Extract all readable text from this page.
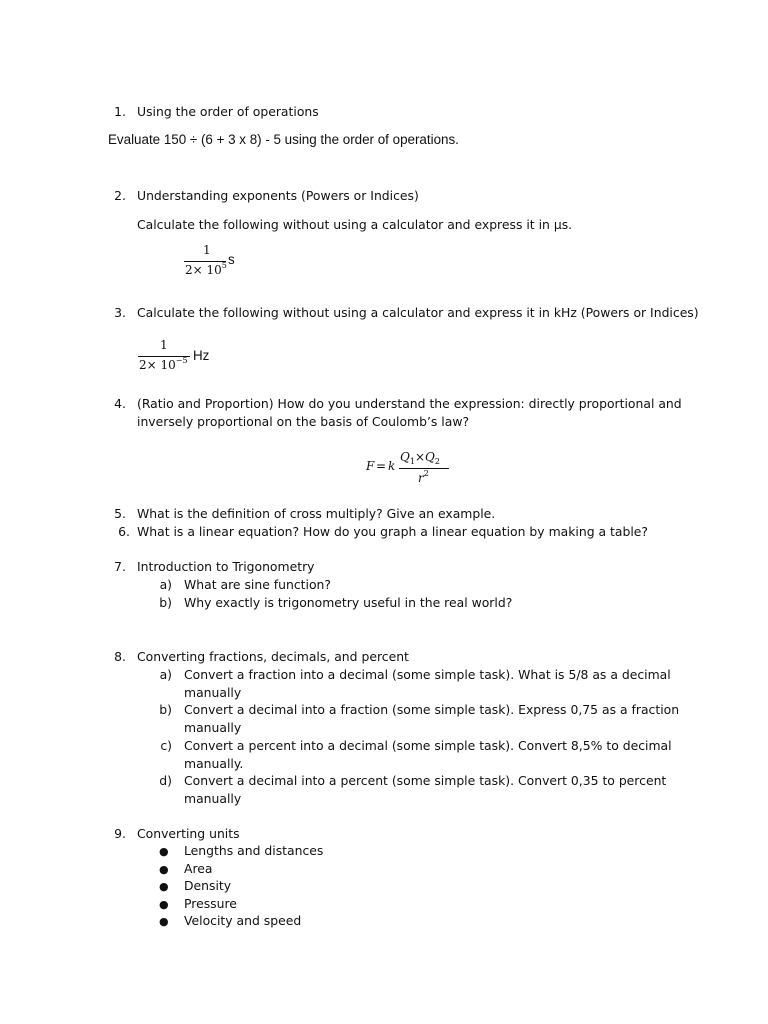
1. Using the order of operations
Evaluate 150 ÷ (6 + 3 x 8) - 5 using the order of operations.
2. Understanding exponents (Powers or Indices)
Calculate the following without using a calculator and express it in µs.
1
$2\times 10^5$ s
3. Calculate the following without using a calculator and express it in kHz (Powers or Indices)
1
$2\times 10^{-5}$ Hz
4. (Ratio and Proportion) How do you understand the expression: directly proportional and
inversely proportional on the basis of Coulomb’s law?
F = k
$Q_1\times Q_2$
$r^2$
5. What is the definition of cross multiply? Give an example.
6. What is a linear equation? How do you graph a linear equation by making a table?
7. Introduction to Trigonometry
a) What are sine function?
b) Why exactly is trigonometry useful in the real world?
8. Converting fractions, decimals, and percent
a) Convert a fraction into a decimal (some simple task). What is 5/8 as a decimal
manually
b) Convert a decimal into a fraction (some simple task). Express 0,75 as a fraction
manually
c) Convert a percent into a decimal (some simple task). Convert 8,5% to decimal
manually.
d) Convert a decimal into a percent (some simple task). Convert 0,35 to percent
manually
9. Converting units
● Lengths and distances
● Area
● Density
● Pressure
● Velocity and speed
